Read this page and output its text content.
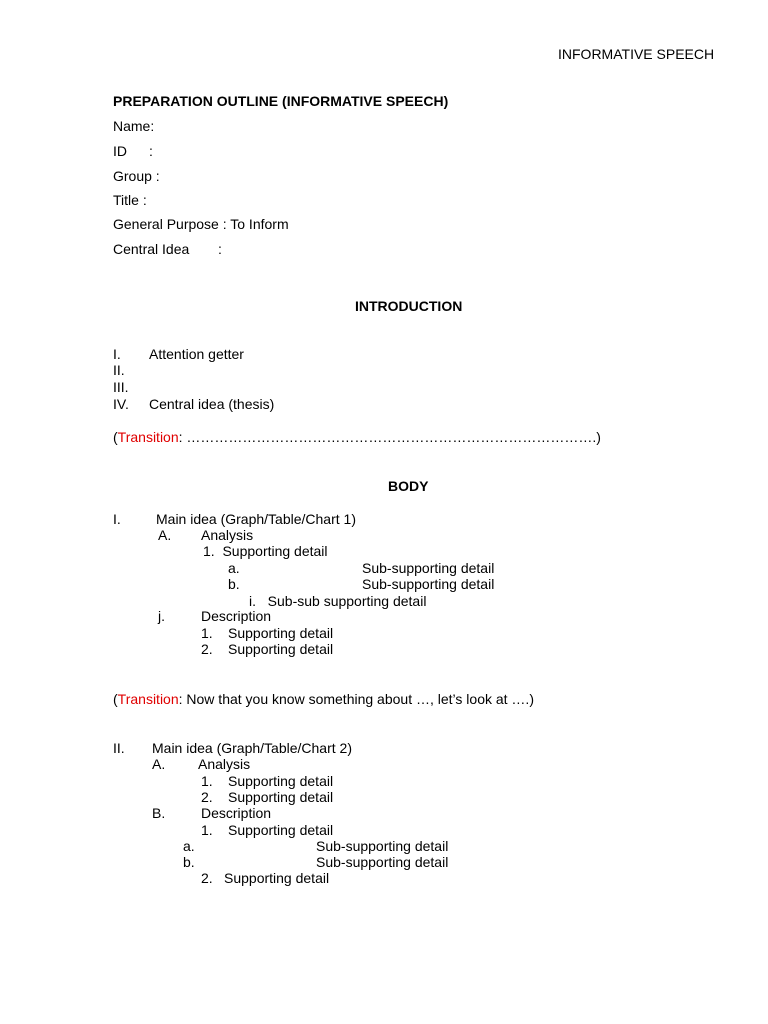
INFORMATIVE SPEECH
PREPARATION OUTLINE (INFORMATIVE SPEECH)
Name:
ID :
Group :
Title :
General Purpose : To Inform
Central Idea :
INTRODUCTION
I. Attention getter
II.
III.
IV. Central idea (thesis)
(Transition: …………………………………………………………………………….)
BODY
I.	Main idea (Graph/Table/Chart 1)
A. Analysis
1.  Supporting detail
a.	Sub-supporting detail
b.	Sub-supporting detail
i.   Sub-sub supporting detail
j.	Description
1. Supporting detail
2. Supporting detail
(Transition: Now that you know something about …, let’s look at ….)
II. Main idea (Graph/Table/Chart 2)
A. Analysis
1. Supporting detail
2. Supporting detail
B.	Description
1. Supporting detail
a.	Sub-supporting detail
b.	Sub-supporting detail
2. Supporting detail
